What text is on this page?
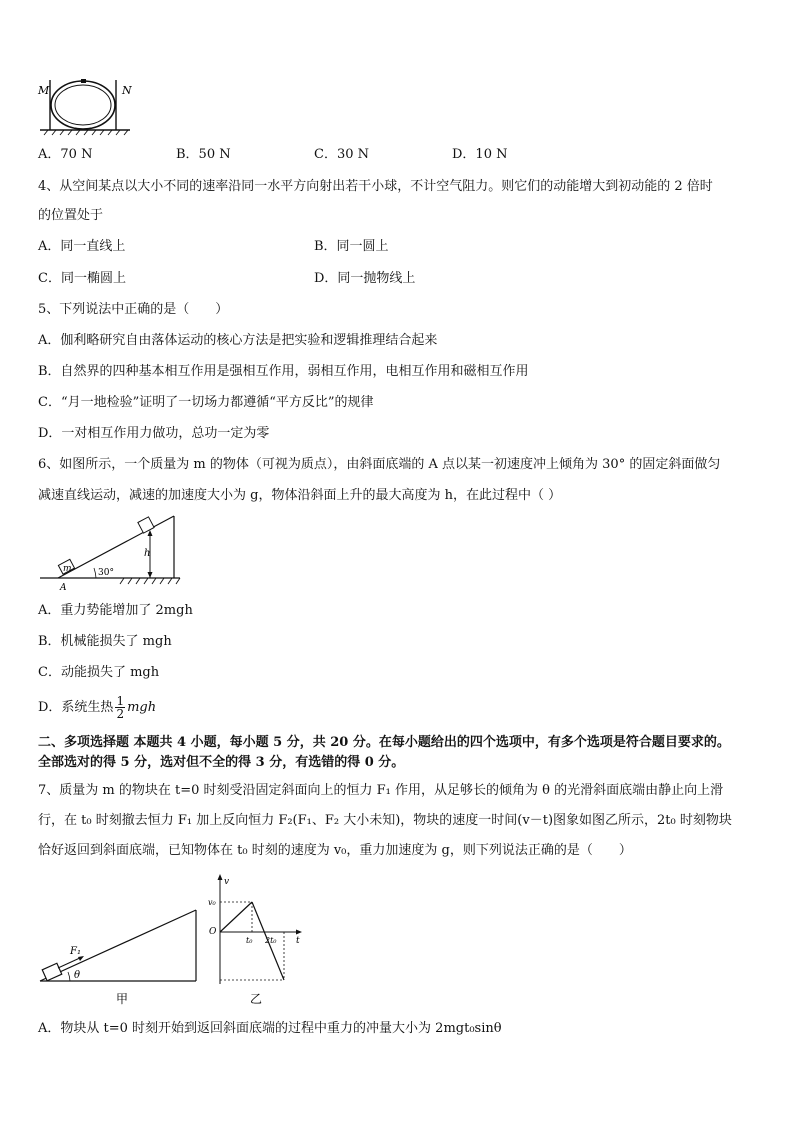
M	N
A．70 N	B．50 N	C．30 N	D．10 N
4、从空间某点以大小不同的速率沿同一水平方向射出若干小球，不计空气阻力。则它们的动能增大到初动能的 2 倍时
的位置处于
A．同一直线上	B．同一圆上
C．同一椭圆上	D．同一抛物线上
5、下列说法中正确的是（　　）
A．伽利略研究自由落体运动的核心方法是把实验和逻辑推理结合起来
B．自然界的四种基本相互作用是强相互作用，弱相互作用，电相互作用和磁相互作用
C．“月一地检验”证明了一切场力都遵循“平方反比”的规律
D．一对相互作用力做功，总功一定为零
6、如图所示，一个质量为 m 的物体（可视为质点），由斜面底端的 A 点以某一初速度冲上倾角为 30° 的固定斜面做匀
减速直线运动，减速的加速度大小为 g，物体沿斜面上升的最大高度为 h，在此过程中（ ）
m
h
30°
A
A．重力势能增加了 2mgh
B．机械能损失了 mgh
C．动能损失了 mgh
D．系统生热 $\frac{1}{2}$ mgh
二、多项选择题 本题共 4 小题，每小题 5 分，共 20 分。在每小题给出的四个选项中，有多个选项是符合题目要求的。
全部选对的得 5 分，选对但不全的得 3 分，有选错的得 0 分。
7、质量为 m 的物块在 t=0 时刻受沿固定斜面向上的恒力 F₁ 作用，从足够长的倾角为 θ 的光滑斜面底端由静止向上滑
行，在 t₀ 时刻撤去恒力 F₁ 加上反向恒力 F₂(F₁、F₂ 大小未知)，物块的速度一时间(v－t)图象如图乙所示，2t₀ 时刻物块
恰好返回到斜面底端，已知物体在 t₀ 时刻的速度为 v₀，重力加速度为 g，则下列说法正确的是（　　）
F₁
θ
甲
v
v₀
O
t₀ 2t₀ t
乙
A．物块从 t=0 时刻开始到返回斜面底端的过程中重力的冲量大小为 2mgt₀sinθ
